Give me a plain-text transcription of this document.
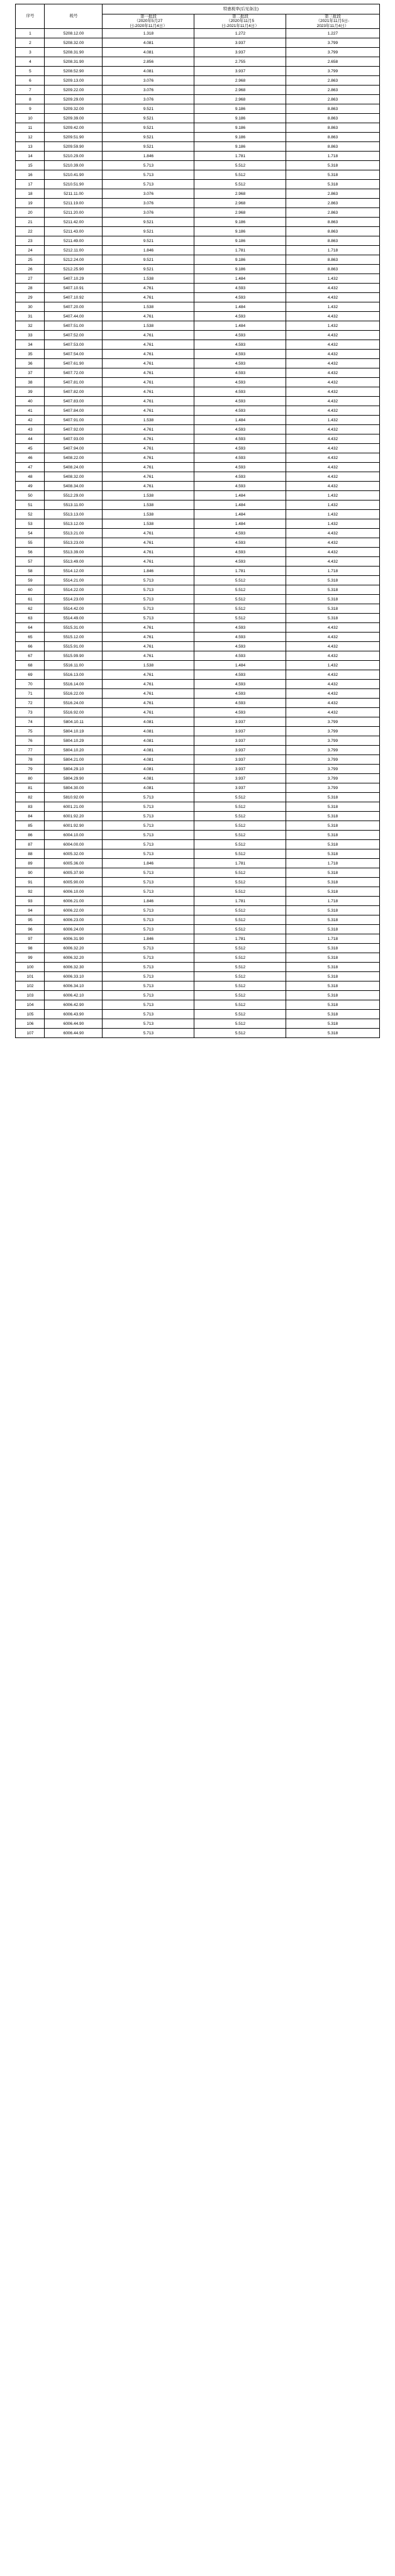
序号	税号	特惠税率(后见备注)		

		第一批段
（2020年5月27
日-2020年11月4日）	第二批段
（2020年11月5
日-2021年11月4日）	第三批段
（2021年11月5日-
2023年11月4日）

1	5208.12.00	1.318	1.272	1.227
2	5208.32.00	4.081	3.937	3.799
3	5208.31.90	4.081	3.937	3.799
4	5208.31.90	2.856	2.755	2.658
5	5208.52.90	4.081	3.937	3.799
6	5209.13.00	3.076	2.968	2.863
7	5209.22.00	3.076	2.968	2.863
8	5209.29.00	3.076	2.968	2.863
9	5209.32.00	9.521	9.186	8.863
10	5209.39.00	9.521	9.186	8.863
11	5209.42.00	9.521	9.186	8.863
12	5209.51.90	9.521	9.186	8.863
13	5209.59.90	9.521	9.186	8.863
14	5210.29.00	1.846	1.781	1.718
15	5210.39.00	5.713	5.512	5.318
16	5210.41.90	5.713	5.512	5.318
17	5210.51.90	5.713	5.512	5.318
18	5211.11.00	3.076	2.968	2.863
19	5211.19.00	3.076	2.968	2.863
20	5211.20.00	3.076	2.968	2.863
21	5211.42.00	9.521	9.186	8.863
22	5211.43.00	9.521	9.186	8.863
23	5211.49.00	9.521	9.186	8.863
24	5212.11.00	1.846	1.781	1.718
25	5212.24.00	9.521	9.186	8.863
26	5212.25.90	9.521	9.186	8.863
27	5407.10.29	1.538	1.484	1.432
28	5407.10.91	4.761	4.593	4.432
29	5407.10.92	4.761	4.593	4.432
30	5407.20.00	1.538	1.484	1.432
31	5407.44.00	4.761	4.593	4.432
32	5407.51.00	1.538	1.484	1.432
33	5407.52.00	4.761	4.593	4.432
34	5407.53.00	4.761	4.593	4.432
35	5407.54.00	4.761	4.593	4.432
36	5407.61.90	4.761	4.593	4.432
37	5407.72.00	4.761	4.593	4.432
38	5407.81.00	4.761	4.593	4.432
39	5407.82.00	4.761	4.593	4.432
40	5407.83.00	4.761	4.593	4.432
41	5407.84.00	4.761	4.593	4.432
42	5407.91.00	1.538	1.484	1.432
43	5407.92.00	4.761	4.593	4.432
44	5407.93.00	4.761	4.593	4.432
45	5407.94.00	4.761	4.593	4.432
46	5408.22.00	4.761	4.593	4.432
47	5408.24.00	4.761	4.593	4.432
48	5408.32.00	4.761	4.593	4.432
49	5408.34.00	4.761	4.593	4.432
50	5512.29.00	1.538	1.484	1.432
51	5513.11.00	1.538	1.484	1.432
52	5513.13.00	1.538	1.484	1.432
53	5513.12.00	1.538	1.484	1.432
54	5513.21.00	4.761	4.593	4.432
55	5513.23.00	4.761	4.593	4.432
56	5513.39.00	4.761	4.593	4.432
57	5513.49.00	4.761	4.593	4.432
58	5514.12.00	1.846	1.781	1.718
59	5514.21.00	5.713	5.512	5.318
60	5514.22.00	5.713	5.512	5.318
61	5514.23.00	5.713	5.512	5.318
62	5514.42.00	5.713	5.512	5.318
63	5514.49.00	5.713	5.512	5.318
64	5515.31.00	4.761	4.593	4.432
65	5515.12.00	4.761	4.593	4.432
66	5515.91.00	4.761	4.593	4.432
67	5515.99.90	4.761	4.593	4.432
68	5516.11.00	1.538	1.484	1.432
69	5516.13.00	4.761	4.593	4.432
70	5516.14.00	4.761	4.593	4.432
71	5516.22.00	4.761	4.593	4.432
72	5516.24.00	4.761	4.593	4.432
73	5516.92.00	4.761	4.593	4.432
74	5804.10.11	4.081	3.937	3.799
75	5804.10.19	4.081	3.937	3.799
76	5804.10.29	4.081	3.937	3.799
77	5804.10.20	4.081	3.937	3.799
78	5804.21.00	4.081	3.937	3.799
79	5804.29.10	4.081	3.937	3.799
80	5804.29.90	4.081	3.937	3.799
81	5804.30.00	4.081	3.937	3.799
82	5810.92.00	5.713	5.512	5.318
83	6001.21.00	5.713	5.512	5.318
84	6001.92.20	5.713	5.512	5.318
85	6001.92.90	5.713	5.512	5.318
86	6004.10.00	5.713	5.512	5.318
87	6004.00.00	5.713	5.512	5.318
88	6005.32.00	5.713	5.512	5.318
89	6005.36.00	1.846	1.781	1.718
90	6005.37.90	5.713	5.512	5.318
91	6005.90.00	5.713	5.512	5.318
92	6006.10.00	5.713	5.512	5.318
93	6006.21.00	1.846	1.781	1.718
94	6006.22.00	5.713	5.512	5.318
95	6006.23.00	5.713	5.512	5.318
96	6006.24.00	5.713	5.512	5.318
97	6006.31.90	1.846	1.781	1.718
98	6006.32.20	5.713	5.512	5.318
99	6006.32.20	5.713	5.512	5.318
100	6006.32.30	5.713	5.512	5.318
101	6006.33.10	5.713	5.512	5.318
102	6006.34.10	5.713	5.512	5.318
103	6006.42.10	5.713	5.512	5.318
104	6006.42.90	5.713	5.512	5.318
105	6006.43.90	5.713	5.512	5.318
106	6006.44.90	5.713	5.512	5.318
107	6006.44.90	5.713	5.512	5.318
